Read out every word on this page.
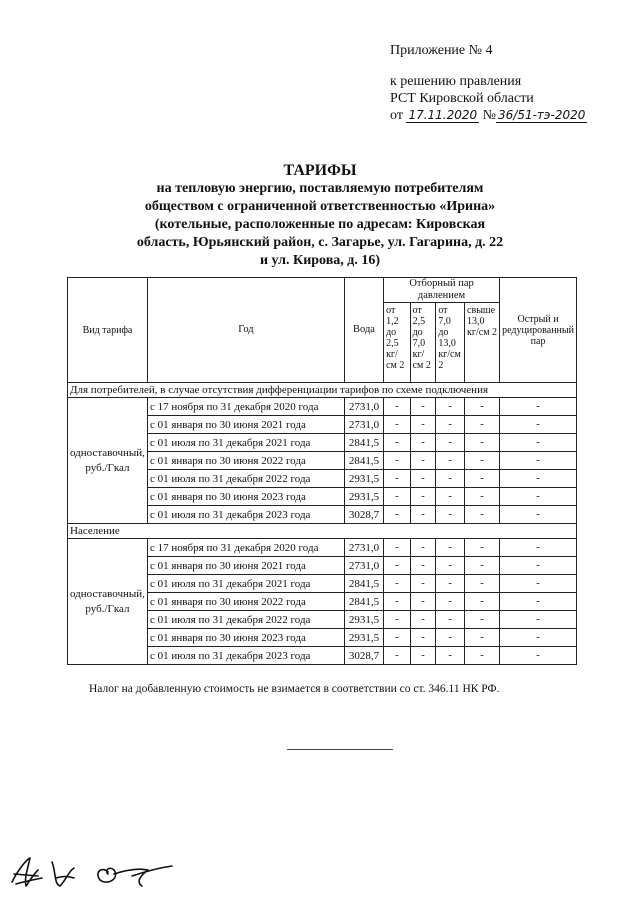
Приложение № 4
к решению правления
РСТ Кировской области
от 17.11.2020 № 36/51-тэ-2020
ТАРИФЫ
на тепловую энергию, поставляемую потребителям
обществом с ограниченной ответственностью «Ирина»
(котельные, расположенные по адресам: Кировская
область, Юрьянский район, с. Загарье, ул. Гагарина, д. 22
и ул. Кирова, д. 16)
Вид тарифа	Год	Вода	Отборный пар давлением				Острый и редуцированный пар
			от 1,2 до 2,5 кг/см 2	от 2,5 до 7,0 кг/см 2	от 7,0 до 13,0 кг/см 2	свыше 13,0 кг/см 2	
Для потребителей, в случае отсутствия дифференциации тарифов по схеме подключения							
одноставочный, руб./Гкал	с 17 ноября по 31 декабря 2020 года	2731,0	-	-	-	-	-
	с 01 января по 30 июня 2021 года	2731,0	-	-	-	-	-
	с 01 июля по 31 декабря 2021 года	2841,5	-	-	-	-	-
	с 01 января по 30 июня 2022 года	2841,5	-	-	-	-	-
	с 01 июля по 31 декабря 2022 года	2931,5	-	-	-	-	-
	с 01 января по 30 июня 2023 года	2931,5	-	-	-	-	-
	с 01 июля по 31 декабря 2023 года	3028,7	-	-	-	-	-
Население							
одноставочный, руб./Гкал	с 17 ноября по 31 декабря 2020 года	2731,0	-	-	-	-	-
	с 01 января по 30 июня 2021 года	2731,0	-	-	-	-	-
	с 01 июля по 31 декабря 2021 года	2841,5	-	-	-	-	-
	с 01 января по 30 июня 2022 года	2841,5	-	-	-	-	-
	с 01 июля по 31 декабря 2022 года	2931,5	-	-	-	-	-
	с 01 января по 30 июня 2023 года	2931,5	-	-	-	-	-
	с 01 июля по 31 декабря 2023 года	3028,7	-	-	-	-	-
Налог на добавленную стоимость не взимается в соответствии со ст. 346.11 НК РФ.
